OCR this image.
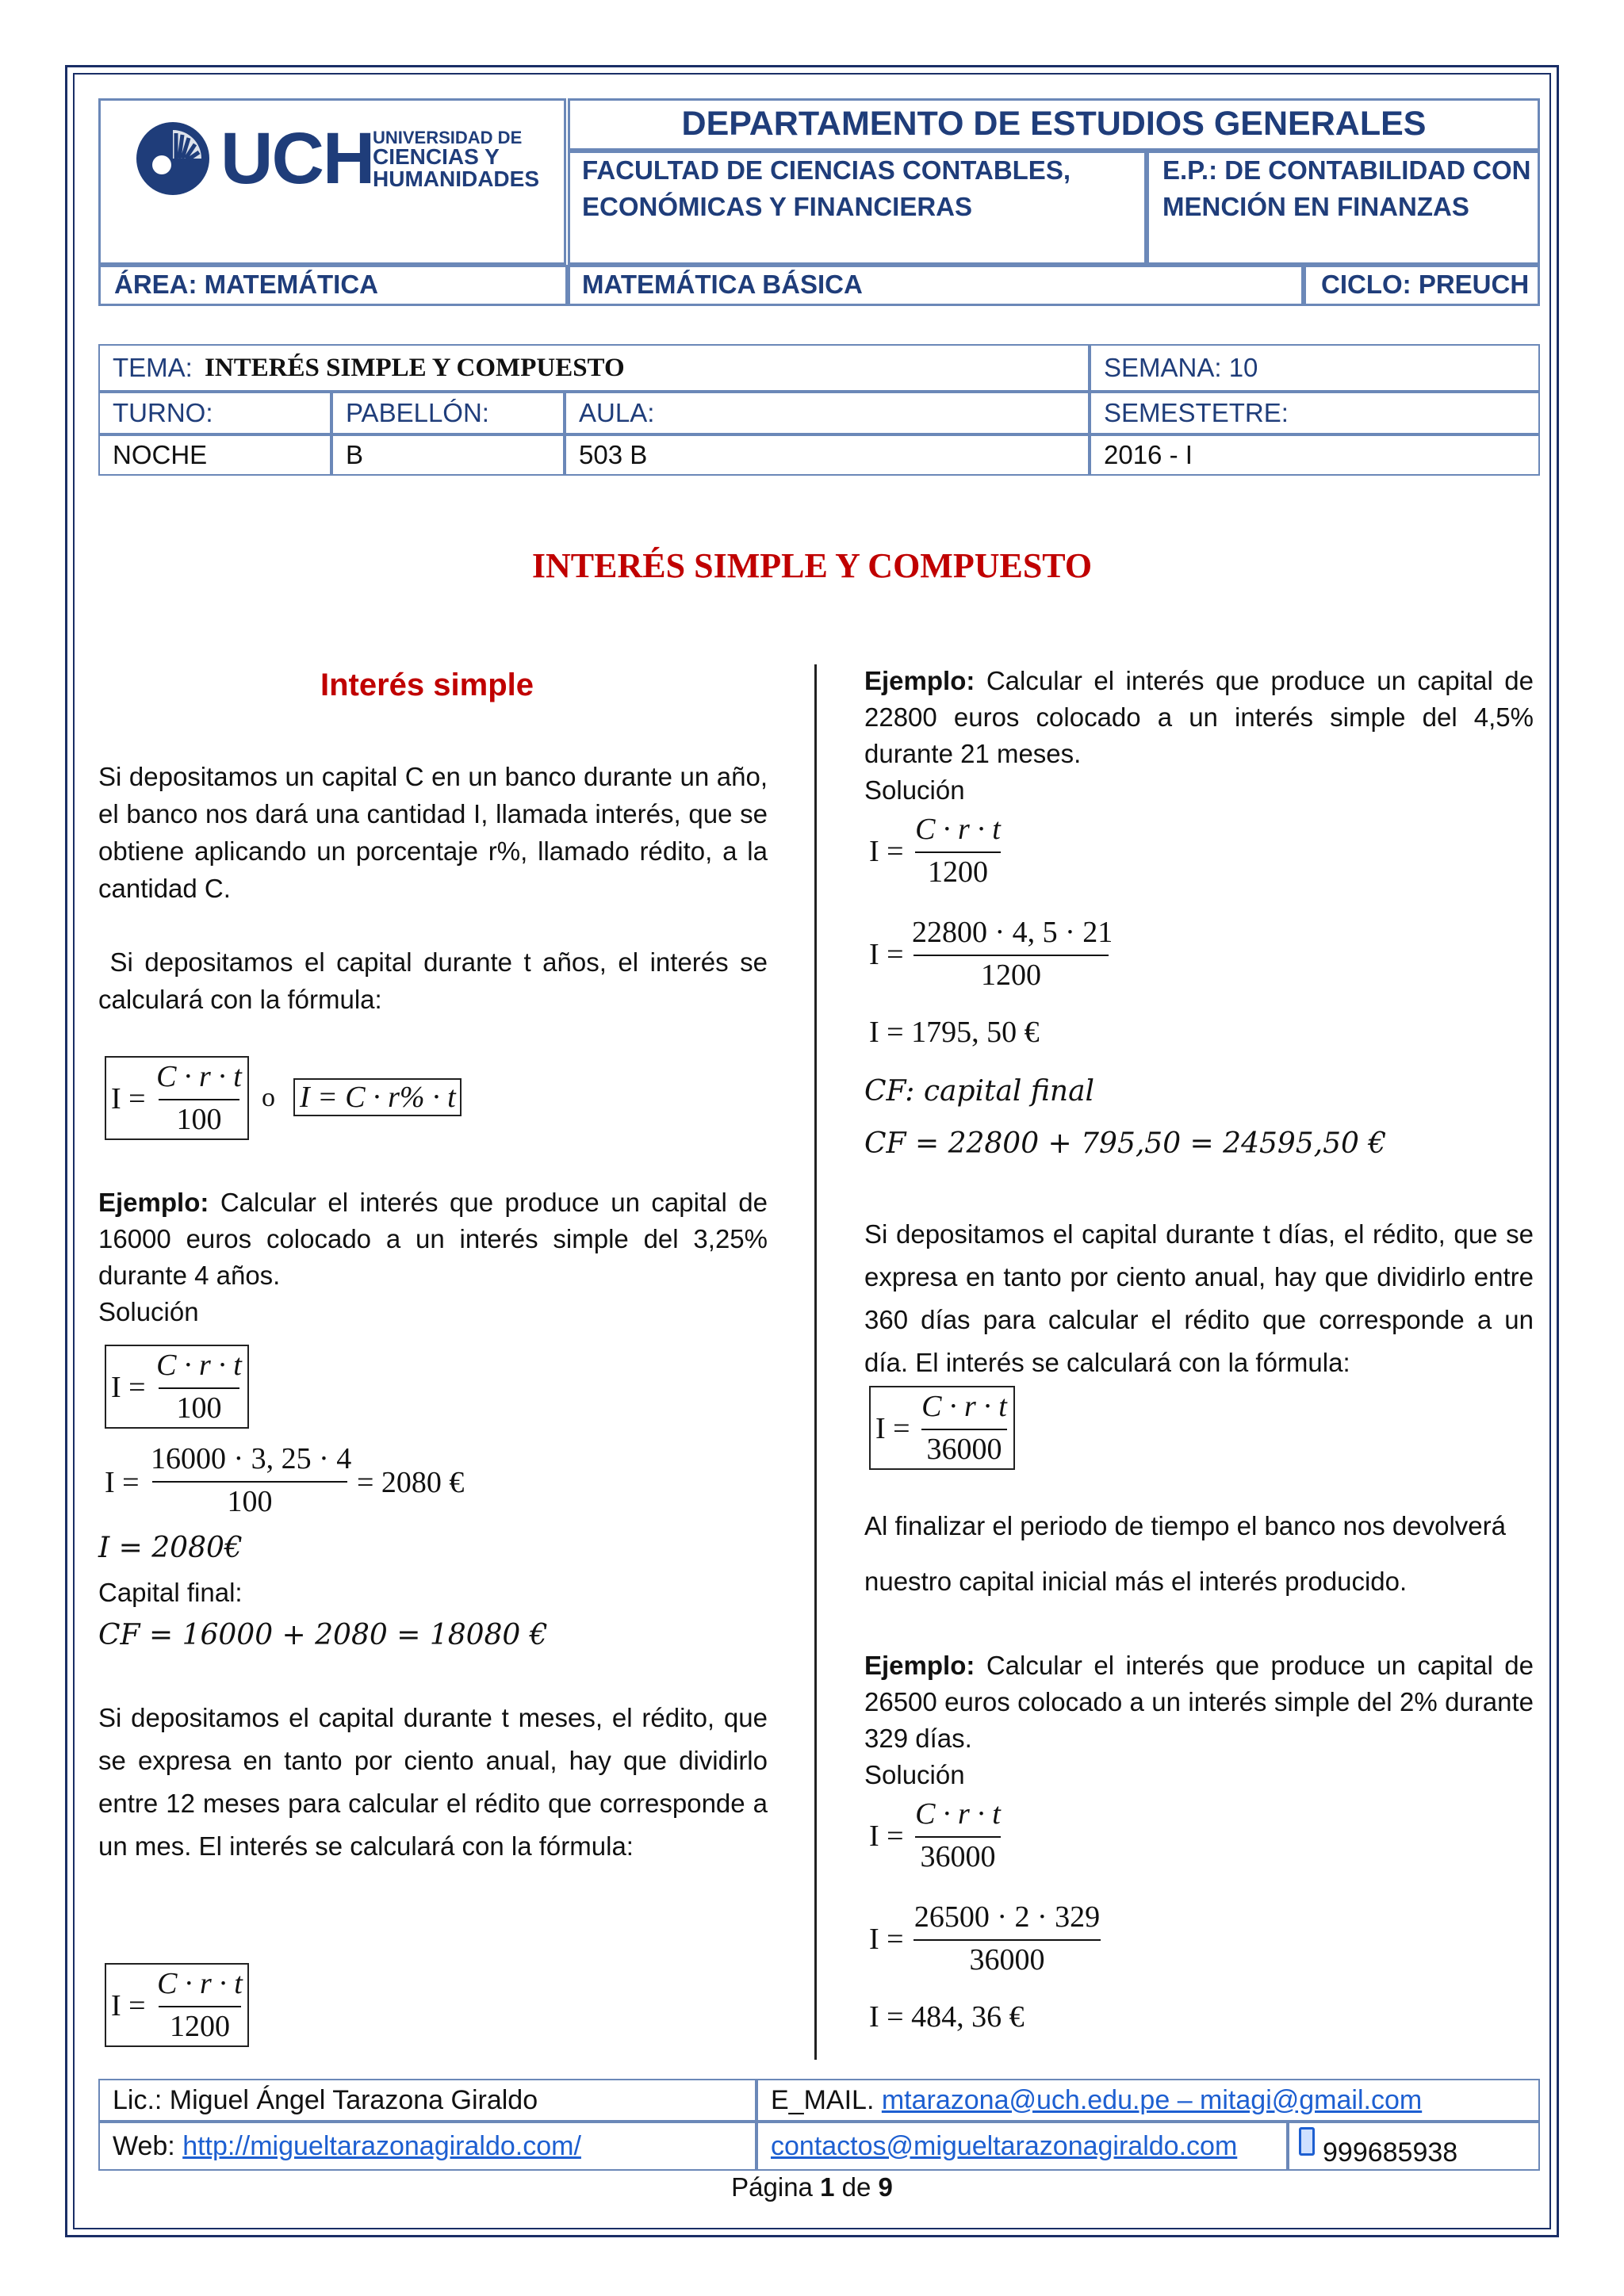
UCH
UNIVERSIDAD DE
CIENCIAS Y
HUMANIDADES
DEPARTAMENTO DE ESTUDIOS GENERALES
FACULTAD DE CIENCIAS CONTABLES,
ECONÓMICAS Y FINANCIERAS
E.P.: DE CONTABILIDAD CON
MENCIÓN EN FINANZAS
ÁREA: MATEMÁTICA	MATEMÁTICA BÁSICA	CICLO: PREUCH
TEMA: INTERÉS SIMPLE Y COMPUESTO	SEMANA: 10
TURNO:	PABELLÓN:	AULA:	SEMESTETRE:
NOCHE	B	503 B	2016 - I
INTERÉS SIMPLE Y COMPUESTO
Interés simple
Si depositamos un capital C en un banco durante un año, el banco nos dará una cantidad I, llamada interés, que se obtiene aplicando un porcentaje r%, llamado rédito, a la cantidad C.
Si depositamos el capital durante t años, el interés se calculará con la fórmula:
I =
C · r · t
100
o I = C · r% · t
Ejemplo: Calcular el interés que produce un capital de 16000 euros colocado a un interés simple del 3,25% durante 4 años.
Solución
I =
C · r · t
100
I =
16000 · 3, 25 · 4
100
= 2080 €
I = 2080€
Capital final:
CF = 16000 + 2080 = 18080 €
Si depositamos el capital durante t meses, el rédito, que se expresa en tanto por ciento anual, hay que dividirlo entre 12 meses para calcular el rédito que corresponde a un mes. El interés se calculará con la fórmula:
I =
C · r · t
1200
Ejemplo: Calcular el interés que produce un capital de 22800 euros colocado a un interés simple del 4,5% durante 21 meses.
Solución
I =
C · r · t
1200
I =
22800 · 4, 5 · 21
1200
I = 1795, 50 €
CF: capital final
CF = 22800 + 795,50 = 24595,50 €
Si depositamos el capital durante t días, el rédito, que se expresa en tanto por ciento anual, hay que dividirlo entre 360 días para calcular el rédito que corresponde a un día. El interés se calculará con la fórmula:
I =
C · r · t
36000
Al finalizar el periodo de tiempo el banco nos devolverá nuestro capital inicial más el interés producido.
Ejemplo: Calcular el interés que produce un capital de 26500 euros colocado a un interés simple del 2% durante 329 días.
Solución
I =
C · r · t
36000
I =
26500 · 2 · 329
36000
I = 484, 36 €
Lic.: Miguel Ángel Tarazona Giraldo	E_MAIL. mtarazona@uch.edu.pe – mitagi@gmail.com
Web: http://migueltarazonagiraldo.com/	contactos@migueltarazonagiraldo.com	999685938
Página 1 de 9
